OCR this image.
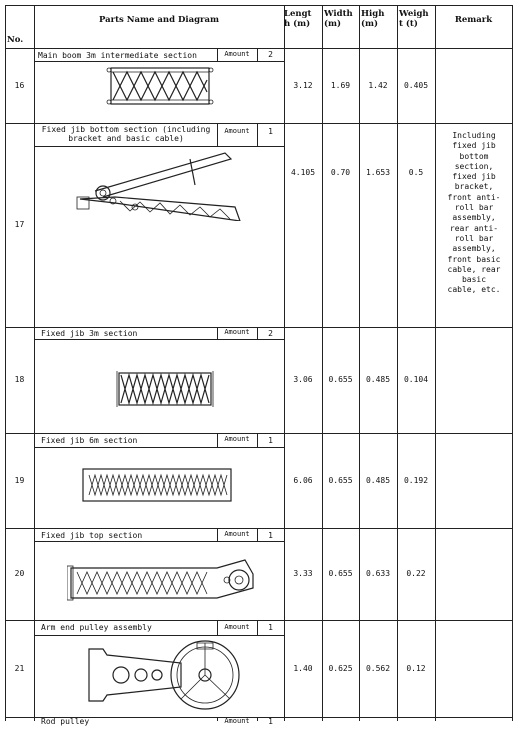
No.
Parts Name and Diagram
Lengt
h (m)
Width
(m)
High
(m)
Weigh
t (t)	Remark
16
Main boom 3m intermediate section	Amount	2
3.12	1.69	1.42	0.405
17
Fixed jib bottom section (including bracket and basic cable)
Amount	1
4.105	0.70	1.653	0.5
Including
fixed jib
bottom
section,
fixed jib
bracket,
front anti-
roll bar
assembly,
rear anti-
roll bar
assembly,
front basic
cable, rear
basic
cable, etc.
18
Fixed jib 3m section	Amount	2
3.06	0.655	0.485	0.104
19
Fixed jib 6m section	Amount	1
6.06	0.655	0.485	0.192
20
Fixed jib top section	Amount	1
3.33	0.655	0.633	0.22
21
Arm end pulley assembly	Amount	1
1.40	0.625	0.562	0.12
Rod pulley	Amount	1
